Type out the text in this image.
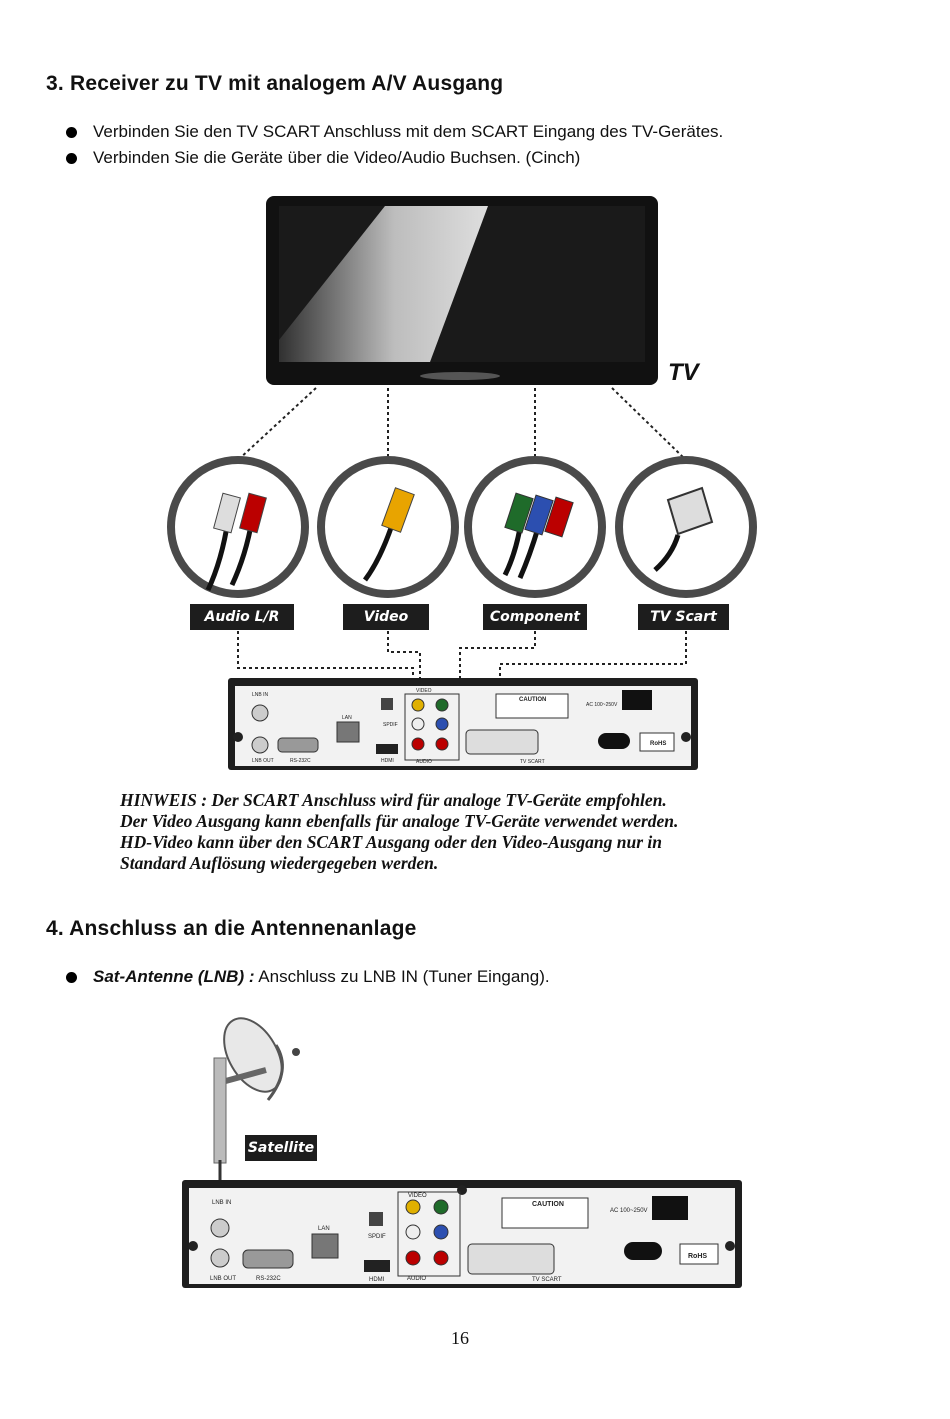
3. Receiver zu TV mit analogem A/V Ausgang
Verbinden Sie den TV SCART Anschluss mit dem SCART Eingang des TV-Gerätes.
Verbinden Sie die Geräte über die Video/Audio Buchsen. (Cinch)
TV
LNB IN
LNB OUT	RS-232C
LAN
SPDIF
HDMI
VIDEO
AUDIO	TV SCART
CAUTION
AC 100~250V
RoHS
Audio L/R	Video	Component	TV Scart
HINWEIS : Der SCART Anschluss wird für analoge TV-Geräte empfohlen.
Der Video Ausgang kann ebenfalls für analoge TV-Geräte verwendet werden.
HD-Video kann über den SCART Ausgang oder den Video-Ausgang nur in
Standard Auflösung wiedergegeben werden.
4. Anschluss an die Antennenanlage
Sat-Antenne (LNB) : Anschluss zu LNB IN (Tuner Eingang).
LNB IN
LNB OUT	RS-232C
LAN
SPDIF
HDMI
VIDEO
AUDIO	TV SCART
CAUTION
AC 100~250V
RoHS
Satellite
16
